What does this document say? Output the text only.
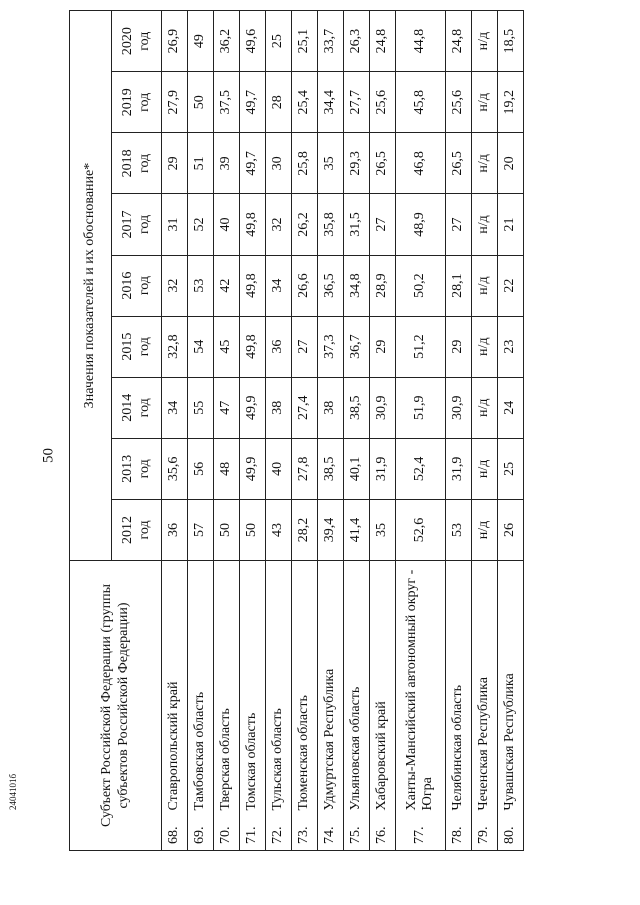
50
2404101б	Субъект Российской Федерации (группы субъектов Российской Федерации)		Значения показателей и их обоснование*								

		2012 год	2013 год	2014 год	2015 год	2016 год	2017 год	2018 год	2019 год	2020 год

68.	Ставропольский край	36	35,6	34	32,8	32	31	29	27,9	26,9
69.	Тамбовская область	57	56	55	54	53	52	51	50	49
70.	Тверская область	50	48	47	45	42	40	39	37,5	36,2
71.	Томская область	50	49,9	49,9	49,8	49,8	49,8	49,7	49,7	49,6
72.	Тульская область	43	40	38	36	34	32	30	28	25
73.	Тюменская область	28,2	27,8	27,4	27	26,6	26,2	25,8	25,4	25,1
74.	Удмуртская Республика	39,4	38,5	38	37,3	36,5	35,8	35	34,4	33,7
75.	Ульяновская область	41,4	40,1	38,5	36,7	34,8	31,5	29,3	27,7	26,3
76.	Хабаровский край	35	31,9	30,9	29	28,9	27	26,5	25,6	24,8
77.	Ханты-Мансийский автономный округ - Югра	52,6	52,4	51,9	51,2	50,2	48,9	46,8	45,8	44,8
78.	Челябинская область	53	31,9	30,9	29	28,1	27	26,5	25,6	24,8
79.	Чеченская Республика	н/д	н/д	н/д	н/д	н/д	н/д	н/д	н/д	н/д
80.	Чувашская Республика	26	25	24	23	22	21	20	19,2	18,5
